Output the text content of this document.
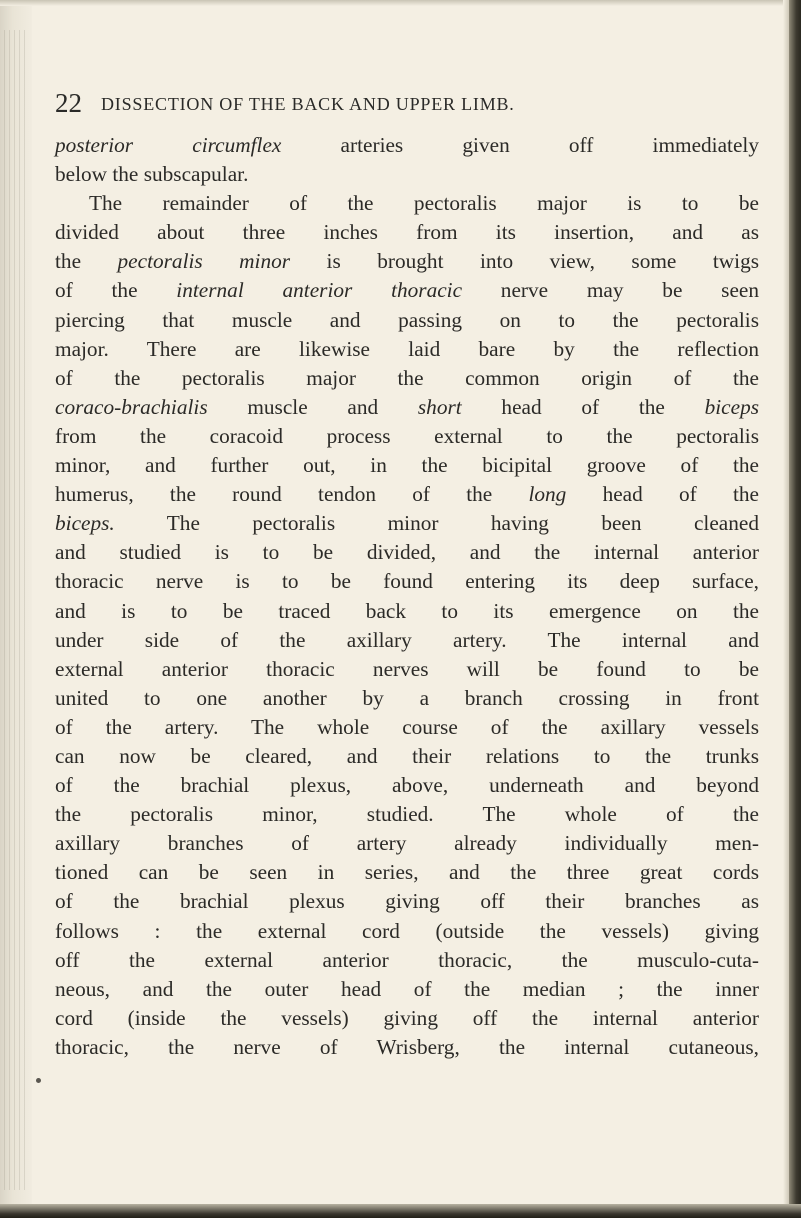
22 DISSECTION OF THE BACK AND UPPER LIMB.
posterior circumflex arteries given off immediately
below the subscapular.
The remainder of the pectoralis major is to be
divided about three inches from its insertion, and as
the pectoralis minor is brought into view, some twigs
of the internal anterior thoracic nerve may be seen
piercing that muscle and passing on to the pectoralis
major. There are likewise laid bare by the reflection
of the pectoralis major the common origin of the
coraco-brachialis muscle and short head of the biceps
from the coracoid process external to the pectoralis
minor, and further out, in the bicipital groove of the
humerus, the round tendon of the long head of the
biceps. The pectoralis minor having been cleaned
and studied is to be divided, and the internal anterior
thoracic nerve is to be found entering its deep surface,
and is to be traced back to its emergence on the
under side of the axillary artery. The internal and
external anterior thoracic nerves will be found to be
united to one another by a branch crossing in front
of the artery. The whole course of the axillary vessels
can now be cleared, and their relations to the trunks
of the brachial plexus, above, underneath and beyond
the pectoralis minor, studied. The whole of the
axillary branches of artery already individually men-
tioned can be seen in series, and the three great cords
of the brachial plexus giving off their branches as
follows : the external cord (outside the vessels) giving
off the external anterior thoracic, the musculo-cuta-
neous, and the outer head of the median ; the inner
cord (inside the vessels) giving off the internal anterior
thoracic, the nerve of Wrisberg, the internal cutaneous,
